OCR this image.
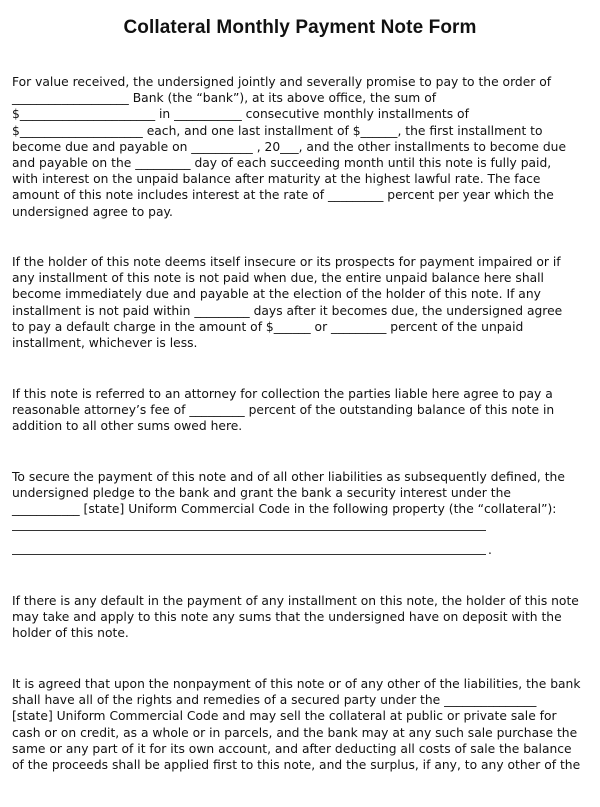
Collateral Monthly Payment Note Form
For value received, the undersigned jointly and severally promise to pay to the order of
___________________ Bank (the “bank”), at its above office, the sum of
$______________________ in ___________ consecutive monthly installments of
$____________________ each, and one last installment of $______, the first installment to
become due and payable on __________ , 20___, and the other installments to become due
and payable on the _________ day of each succeeding month until this note is fully paid,
with interest on the unpaid balance after maturity at the highest lawful rate. The face
amount of this note includes interest at the rate of _________ percent per year which the
undersigned agree to pay.
If the holder of this note deems itself insecure or its prospects for payment impaired or if
any installment of this note is not paid when due, the entire unpaid balance here shall
become immediately due and payable at the election of the holder of this note. If any
installment is not paid within _________ days after it becomes due, the undersigned agree
to pay a default charge in the amount of $______ or _________ percent of the unpaid
installment, whichever is less.
If this note is referred to an attorney for collection the parties liable here agree to pay a
reasonable attorney’s fee of _________ percent of the outstanding balance of this note in
addition to all other sums owed here.
To secure the payment of this note and of all other liabilities as subsequently defined, the
undersigned pledge to the bank and grant the bank a security interest under the
___________ [state] Uniform Commercial Code in the following property (the “collateral”):
.
If there is any default in the payment of any installment on this note, the holder of this note
may take and apply to this note any sums that the undersigned have on deposit with the
holder of this note.
It is agreed that upon the nonpayment of this note or of any other of the liabilities, the bank
shall have all of the rights and remedies of a secured party under the _______________
[state] Uniform Commercial Code and may sell the collateral at public or private sale for
cash or on credit, as a whole or in parcels, and the bank may at any such sale purchase the
same or any part of it for its own account, and after deducting all costs of sale the balance
of the proceeds shall be applied first to this note, and the surplus, if any, to any other of the
